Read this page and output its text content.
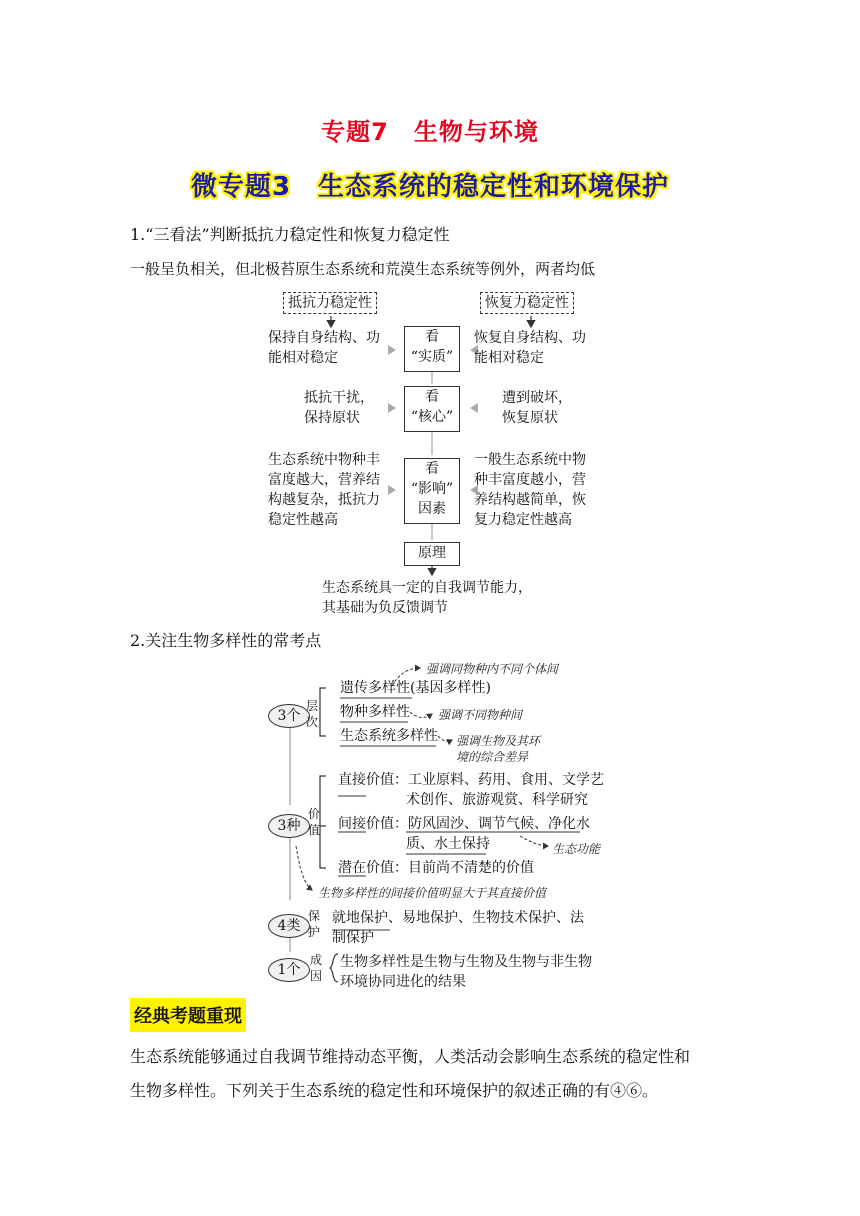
专题7　生物与环境
微专题3　生态系统的稳定性和环境保护
1.“三看法”判断抵抗力稳定性和恢复力稳定性
一般呈负相关，但北极苔原生态系统和荒漠生态系统等例外，两者均低
抵抗力稳定性	恢复力稳定性
看
“实质”
看
“核心”
看
“影响”
因素
原理
保持自身结构、功
能相对稳定
恢复自身结构、功
能相对稳定
抵抗干扰，
保持原状
遭到破坏，
恢复原状
生态系统中物种丰
富度越大，营养结
构越复杂，抵抗力
稳定性越高
一般生态系统中物
种丰富度越小，营
养结构越简单，恢
复力稳定性越高
生态系统具一定的自我调节能力，
其基础为负反馈调节
2.关注生物多样性的常考点
3个
层
次
遗传多样性(基因多样性)
物种多样性
生态系统多样性
强调同物种内不同个体间
强调不同物种间
强调生物及其环
境的综合差异
3种
价
值
直接价值：工业原料、药用、食用、文学艺
术创作、旅游观赏、科学研究
间接价值：防风固沙、调节气候、净化水
质、水土保持	生态功能
潜在价值：目前尚不清楚的价值
生物多样性的间接价值明显大于其直接价值
4类
保
护
就地保护、易地保护、生物技术保护、法
制保护
1个
成
因
生物多样性是生物与生物及生物与非生物
环境协同进化的结果
经典考题重现
生态系统能够通过自我调节维持动态平衡，人类活动会影响生态系统的稳定性和
生物多样性。下列关于生态系统的稳定性和环境保护的叙述正确的有④⑥。
